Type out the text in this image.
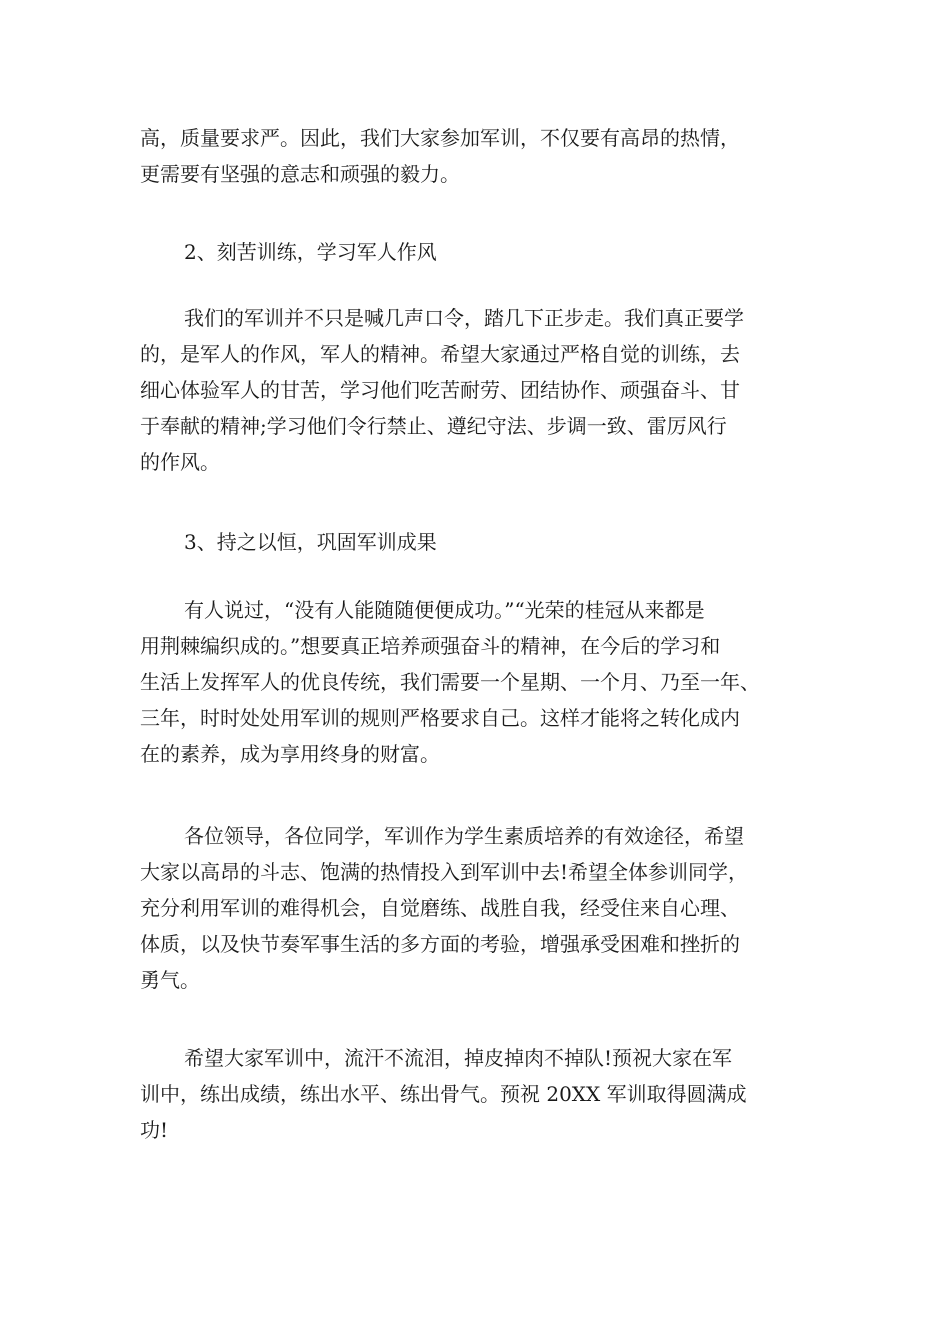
高，质量要求严。因此，我们大家参加军训，不仅要有高昂的热情，
更需要有坚强的意志和顽强的毅力。
2、刻苦训练，学习军人作风
我们的军训并不只是喊几声口令，踏几下正步走。我们真正要学
的，是军人的作风，军人的精神。希望大家通过严格自觉的训练，去
细心体验军人的甘苦，学习他们吃苦耐劳、团结协作、顽强奋斗、甘
于奉献的精神;学习他们令行禁止、遵纪守法、步调一致、雷厉风行
的作风。
3、持之以恒，巩固军训成果
有人说过，“没有人能随随便便成功。”“光荣的桂冠从来都是
用荆棘编织成的。”想要真正培养顽强奋斗的精神，在今后的学习和
生活上发挥军人的优良传统，我们需要一个星期、一个月、乃至一年、
三年，时时处处用军训的规则严格要求自己。这样才能将之转化成内
在的素养，成为享用终身的财富。
各位领导，各位同学，军训作为学生素质培养的有效途径，希望
大家以高昂的斗志、饱满的热情投入到军训中去!希望全体参训同学，
充分利用军训的难得机会，自觉磨练、战胜自我，经受住来自心理、
体质，以及快节奏军事生活的多方面的考验，增强承受困难和挫折的
勇气。
希望大家军训中，流汗不流泪，掉皮掉肉不掉队!预祝大家在军
训中，练出成绩，练出水平、练出骨气。预祝 20XX 军训取得圆满成
功!
